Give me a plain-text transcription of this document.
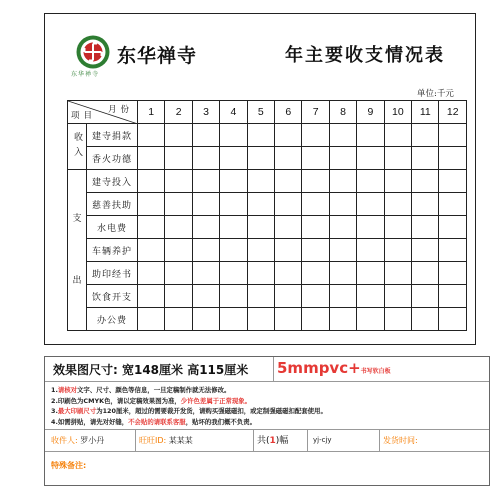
东华禅寺
东华禅寺	年主要收支情况表
单位:千元
月份
项目		1	2	3	4	5	6	7	8	9	10	11	12
收入	建寺捐款												
	香火功德												

支
出	建寺投入												
	慈善扶助												
	水电费												
	车辆养护												
	助印经书												
	饮食开支												
	办公费												
效果图尺寸: 宽148厘米 高115厘米 5mmpvc+书写软白板
1.请核对文字、尺寸、颜色等信息，一旦定稿制作就无法修改。
2.印刷色为CMYK色，请以定稿效果图为准，少许色差属于正常现象。
3.最大印刷尺寸为120厘米，超过的需要裁开发货，请购买强磁磁扣，或定制强磁磁扣配套使用。
4.如需拼贴，请先对好缝，不会贴的请联系客服，贴坏的我们概不负责。
收件人: 罗小丹	旺旺ID: 某某某	共(1)幅	yj-cjy	发货时间:
特殊备注:
